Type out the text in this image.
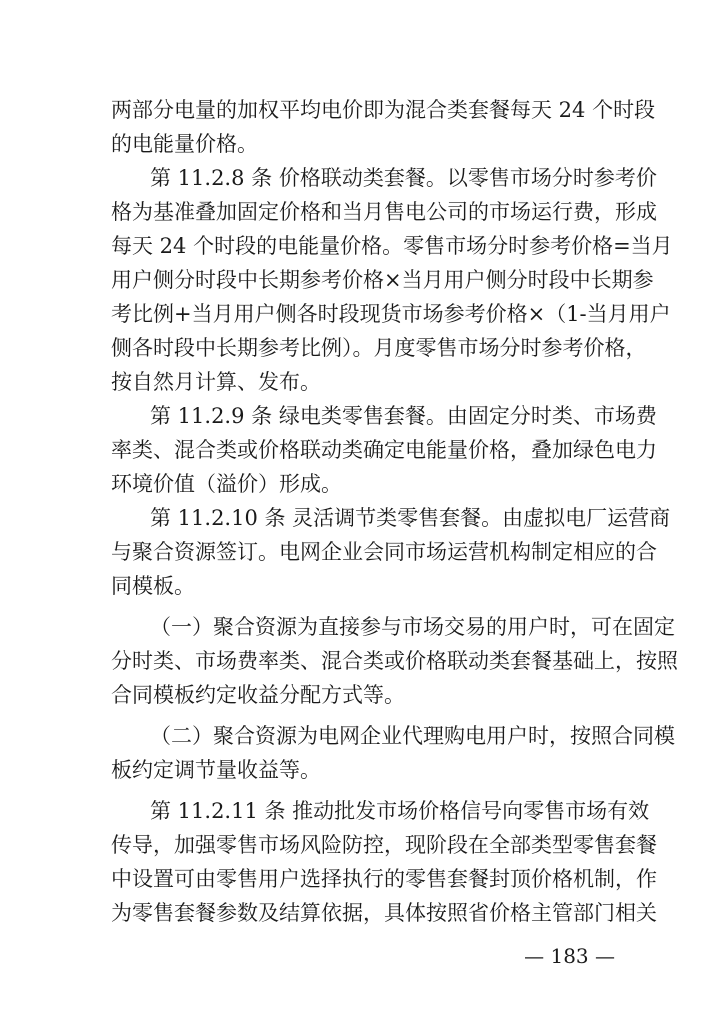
两部分电量的加权平均电价即为混合类套餐每天 24 个时段
的电能量价格。
第 11.2.8 条 价格联动类套餐。以零售市场分时参考价
格为基准叠加固定价格和当月售电公司的市场运行费，形成
每天 24 个时段的电能量价格。零售市场分时参考价格=当月
用户侧分时段中长期参考价格×当月用户侧分时段中长期参
考比例+当月用户侧各时段现货市场参考价格×（1-当月用户
侧各时段中长期参考比例）。月度零售市场分时参考价格，
按自然月计算、发布。
第 11.2.9 条 绿电类零售套餐。由固定分时类、市场费
率类、混合类或价格联动类确定电能量价格，叠加绿色电力
环境价值（溢价）形成。
第 11.2.10 条 灵活调节类零售套餐。由虚拟电厂运营商
与聚合资源签订。电网企业会同市场运营机构制定相应的合
同模板。
（一）聚合资源为直接参与市场交易的用户时，可在固定
分时类、市场费率类、混合类或价格联动类套餐基础上，按照
合同模板约定收益分配方式等。
（二）聚合资源为电网企业代理购电用户时，按照合同模
板约定调节量收益等。
第 11.2.11 条 推动批发市场价格信号向零售市场有效
传导，加强零售市场风险防控，现阶段在全部类型零售套餐
中设置可由零售用户选择执行的零售套餐封顶价格机制，作
为零售套餐参数及结算依据，具体按照省价格主管部门相关
— 183 —
